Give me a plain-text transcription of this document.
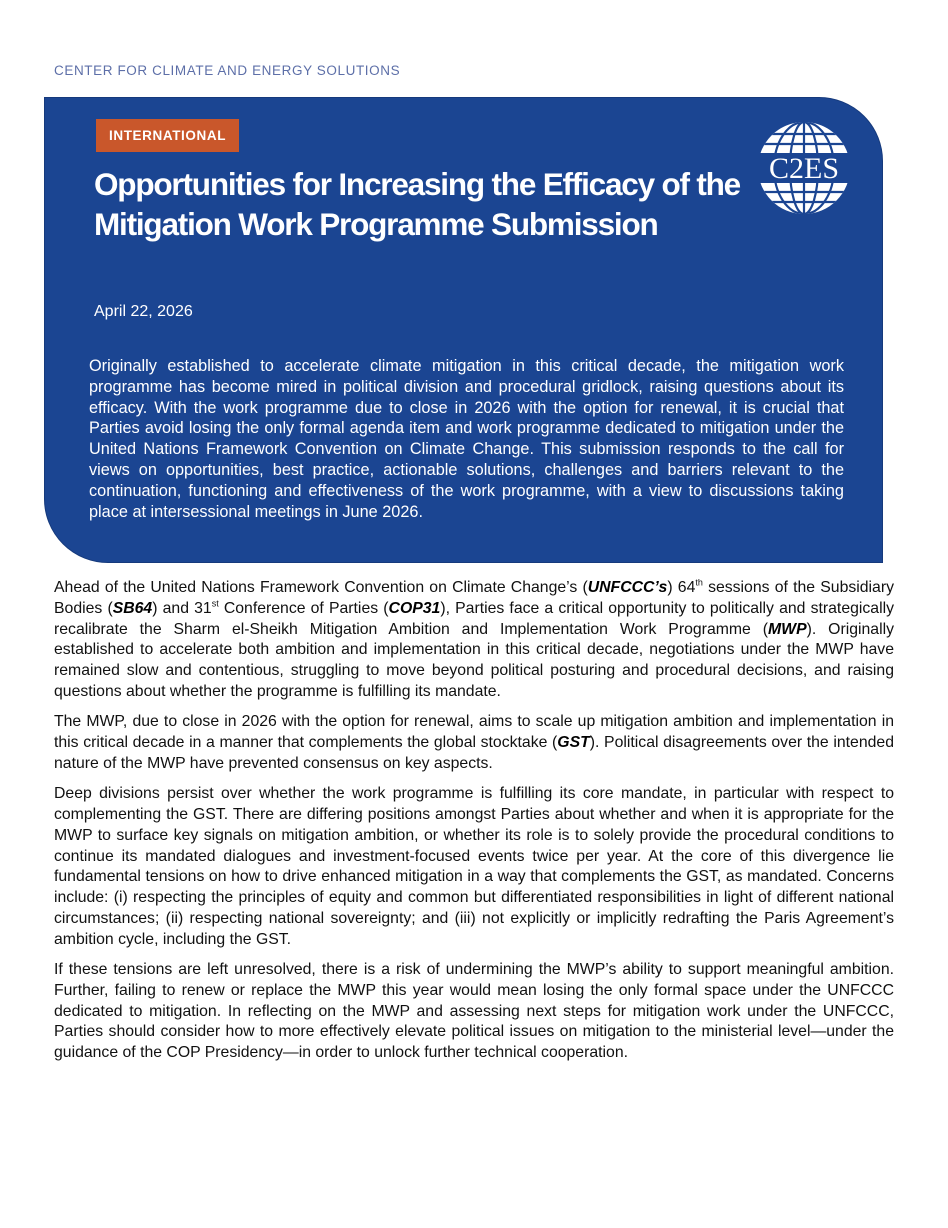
CENTER FOR CLIMATE AND ENERGY SOLUTIONS
INTERNATIONAL
Opportunities for Increasing the Efficacy of the Mitigation Work Programme Submission
April 22, 2026

Originally established to accelerate climate mitigation in this critical decade, the mitigation work programme has become mired in political division and procedural gridlock, raising questions about its efficacy. With the work programme due to close in 2026 with the option for renewal, it is crucial that Parties avoid losing the only formal agenda item and work programme dedicated to mitigation under the United Nations Framework Convention on Climate Change. This submission responds to the call for views on opportunities, best practice, actionable solutions, challenges and barriers relevant to the continuation, functioning and effectiveness of the work programme, with a view to discussions taking place at intersessional meetings in June 2026.

C2ES

Ahead of the United Nations Framework Convention on Climate Change’s (UNFCCC’s) 64th sessions of the Subsidiary Bodies (SB64) and 31st Conference of Parties (COP31), Parties face a critical opportunity to politically and strategically recalibrate the Sharm el-Sheikh Mitigation Ambition and Implementation Work Programme (MWP). Originally established to accelerate both ambition and implementation in this critical decade, negotiations under the MWP have remained slow and contentious, struggling to move beyond political posturing and procedural decisions, and raising questions about whether the programme is fulfilling its mandate.

The MWP, due to close in 2026 with the option for renewal, aims to scale up mitigation ambition and implementation in this critical decade in a manner that complements the global stocktake (GST). Political disagreements over the intended nature of the MWP have prevented consensus on key aspects.

Deep divisions persist over whether the work programme is fulfilling its core mandate, in particular with respect to complementing the GST. There are differing positions amongst Parties about whether and when it is appropriate for the MWP to surface key signals on mitigation ambition, or whether its role is to solely provide the procedural conditions to continue its mandated dialogues and investment-focused events twice per year. At the core of this divergence lie fundamental tensions on how to drive enhanced mitigation in a way that complements the GST, as mandated. Concerns include: (i) respecting the principles of equity and common but differentiated responsibilities in light of different national circumstances; (ii) respecting national sovereignty; and (iii) not explicitly or implicitly redrafting the Paris Agreement’s ambition cycle, including the GST.

If these tensions are left unresolved, there is a risk of undermining the MWP’s ability to support meaningful ambition. Further, failing to renew or replace the MWP this year would mean losing the only formal space under the UNFCCC dedicated to mitigation. In reflecting on the MWP and assessing next steps for mitigation work under the UNFCCC, Parties should consider how to more effectively elevate political issues on mitigation to the ministerial level—under the guidance of the COP Presidency—in order to unlock further technical cooperation.
